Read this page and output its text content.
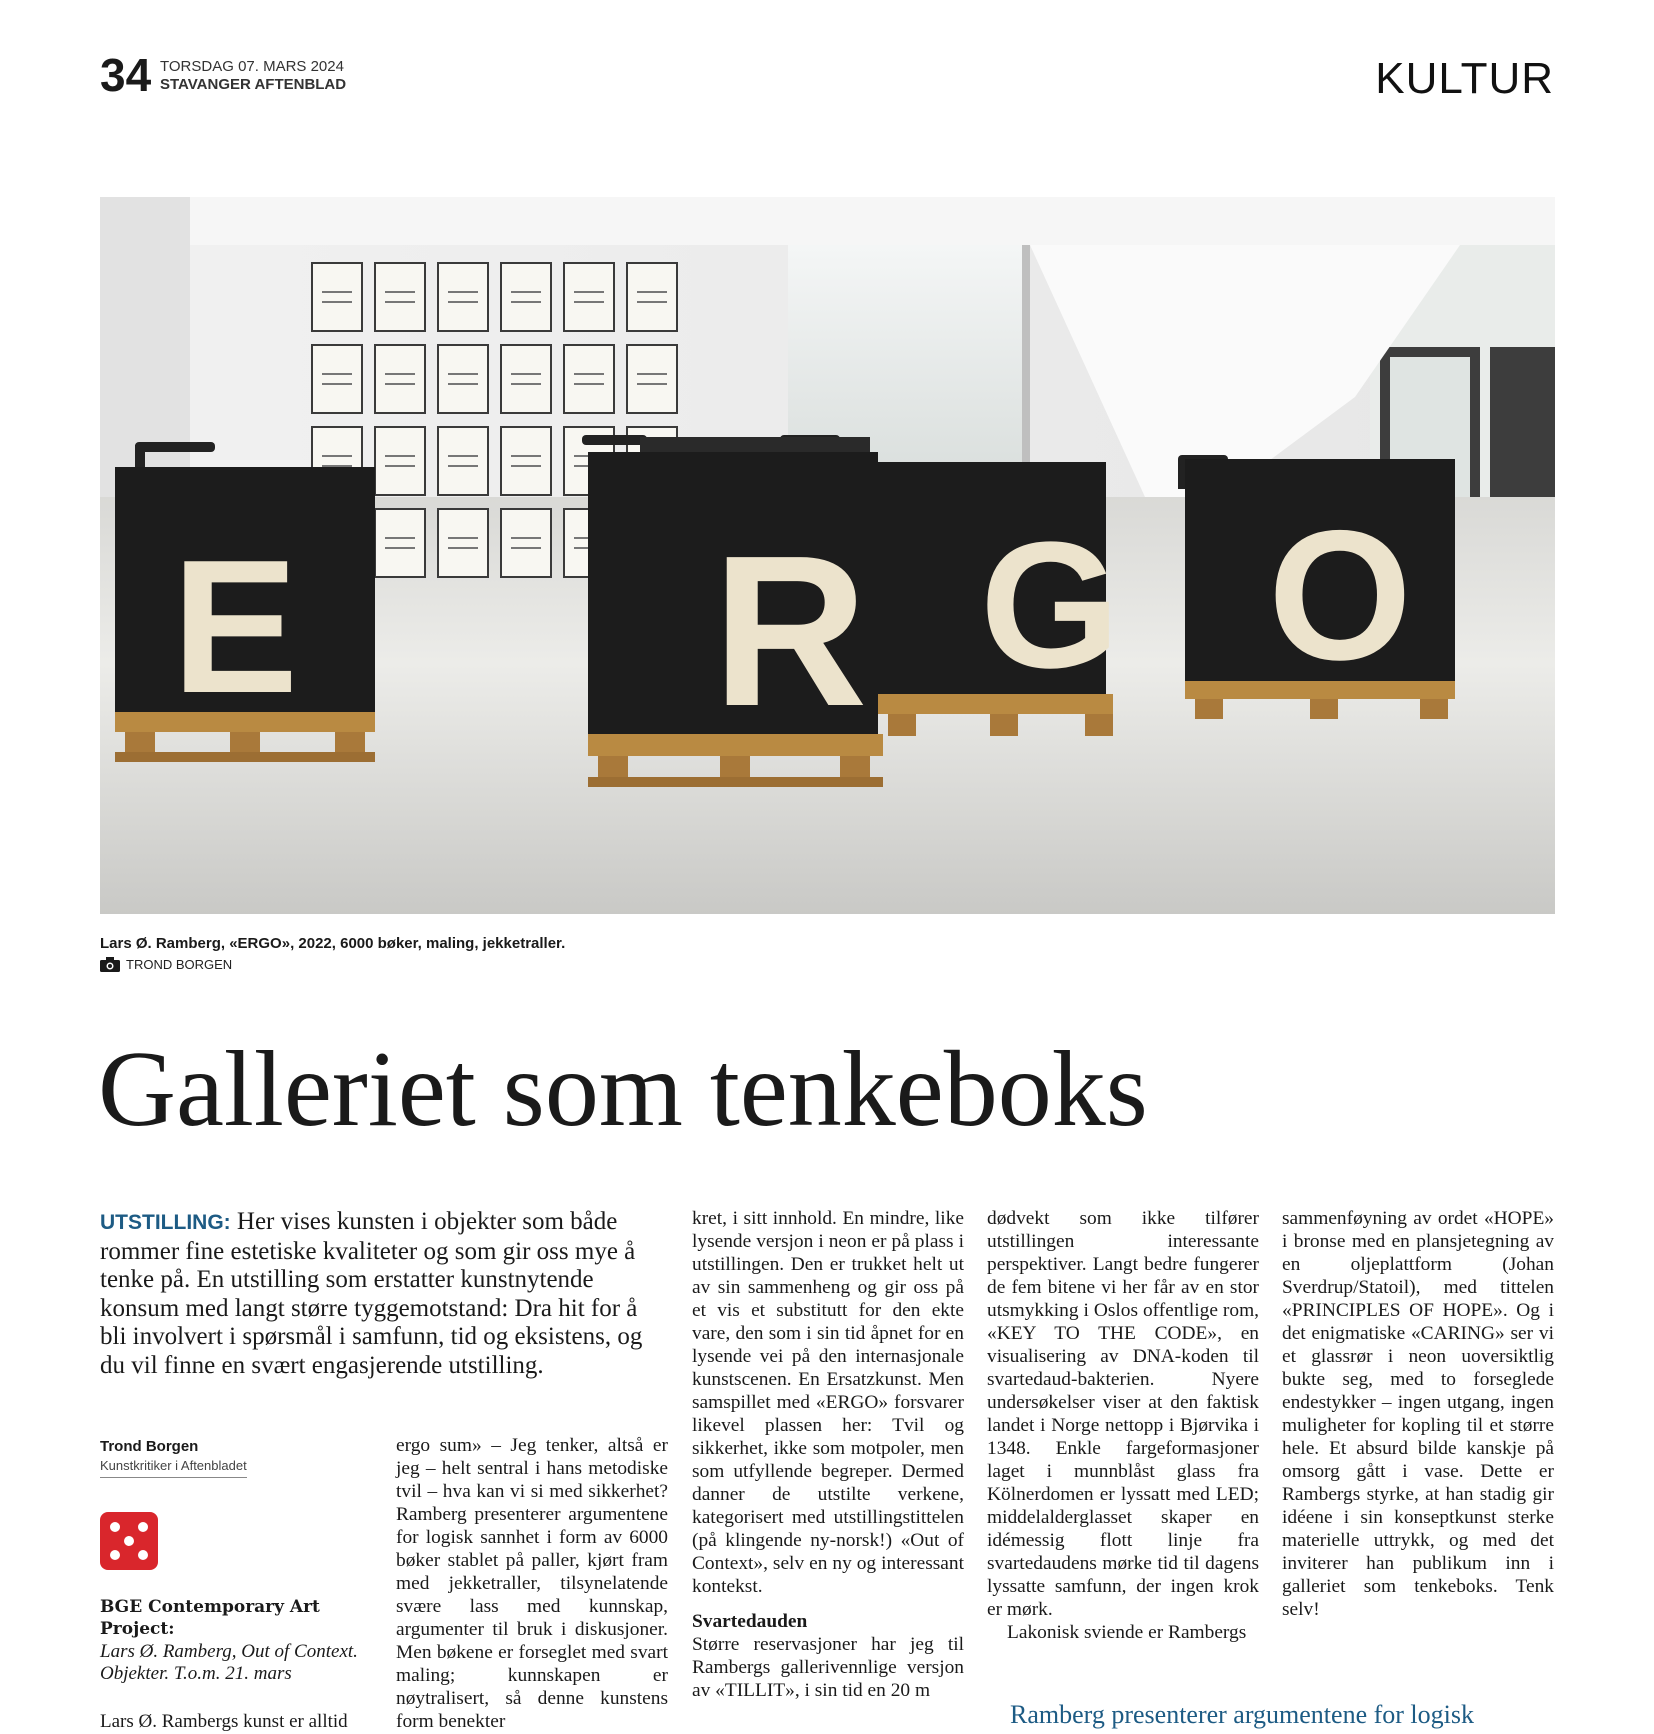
34 TORSDAG 07. MARS 2024
STAVANGER AFTENBLAD	KULTUR
E R G O
Lars Ø. Ramberg, «ERGO», 2022, 6000 bøker, maling, jekketraller.
TROND BORGEN
Galleriet som tenkeboks
UTSTILLING: Her vises kunsten i objekter som både rommer fine estetiske kvaliteter og som gir oss mye å tenke på. En utstilling som erstatter kunstnytende konsum med langt større tyggemotstand: Dra hit for å bli involvert i spørsmål i samfunn, tid og eksistens, og du vil finne en svært engasjerende utstilling.
Trond Borgen
Kunstkritiker i Aftenbladet
BGE Contemporary Art Project:
Lars Ø. Ramberg, Out of Context. Objekter. T.o.m. 21. mars
Lars Ø. Rambergs kunst er alltid

ergo sum» – Jeg tenker, altså er jeg – helt sentral i hans metodiske tvil – hva kan vi si med sikkerhet? Ramberg presenterer argumentene for logisk sannhet i form av 6000 bøker stablet på paller, kjørt fram med jekketraller, tilsynelatende svære lass med kunnskap, argumenter til bruk i diskusjoner. Men bøkene er forseglet med svart maling; kunnskapen er nøytralisert, så denne kunstens form benekter

kret, i sitt innhold. En mindre, like lysende versjon i neon er på plass i utstillingen. Den er trukket helt ut av sin sammenheng og gir oss på et vis et substitutt for den ekte vare, den som i sin tid åpnet for en lysende vei på den internasjonale kunstscenen. En Ersatzkunst. Men samspillet med «ERGO» forsvarer likevel plassen her: Tvil og sikkerhet, ikke som motpoler, men som utfyllende begreper. Dermed danner de utstilte verkene, kategorisert med utstillingstittelen (på klingende ny-norsk!) «Out of Context», selv en ny og interessant kontekst.

Svartedauden

Større reservasjoner har jeg til Rambergs gallerivennlige versjon av «TILLIT», i sin tid en 20 m

dødvekt som ikke tilfører utstillingen interessante perspektiver. Langt bedre fungerer de fem bitene vi her får av en stor utsmykking i Oslos offentlige rom, «KEY TO THE CODE», en visualisering av DNA-koden til svartedaud-bakterien. Nyere undersøkelser viser at den faktisk landet i Norge nettopp i Bjørvika i 1348. Enkle fargeformasjoner laget i munnblåst glass fra Kölnerdomen er lyssatt med LED; middelalderglasset skaper en idémessig flott linje fra svartedaudens mørke tid til dagens lyssatte samfunn, der ingen krok er mørk.

Lakonisk sviende er Rambergs

sammenføyning av ordet «HOPE» i bronse med en plansjetegning av en oljeplattform (Johan Sverdrup/Statoil), med tittelen «PRINCIPLES OF HOPE». Og i det enigmatiske «CARING» ser vi et glassrør i neon uoversiktlig bukte seg, med to forseglede endestykker – ingen utgang, ingen muligheter for kopling til et større hele. Et absurd bilde kanskje på omsorg gått i vase. Dette er Rambergs styrke, at han stadig gir idéene i sin konseptkunst sterke materielle uttrykk, og med det inviterer han publikum inn i galleriet som tenkeboks. Tenk selv!

Ramberg presenterer argumentene for logisk
